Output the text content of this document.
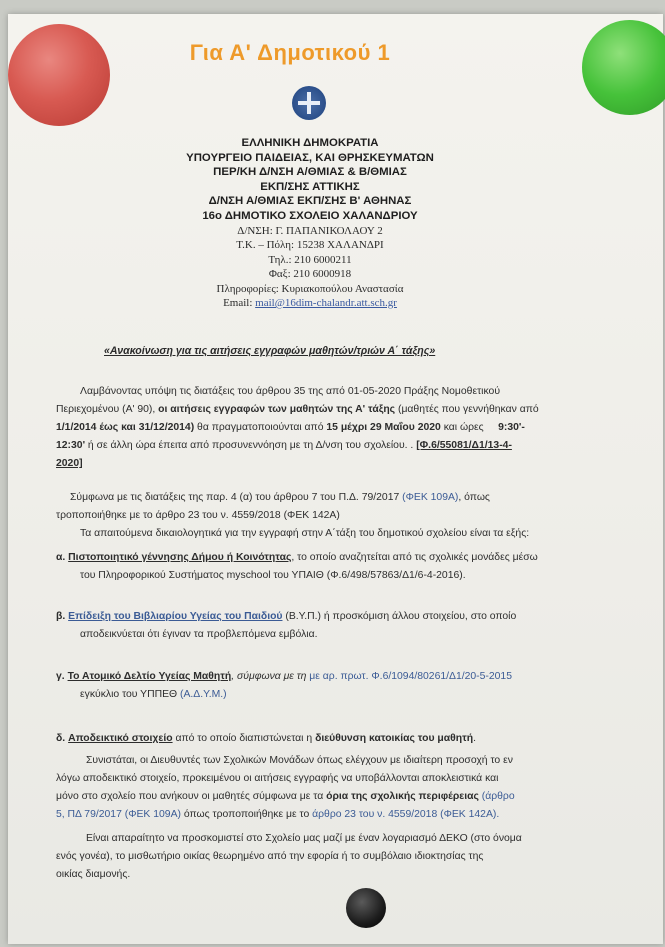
Για Α' Δημοτικού 1
ΕΛΛΗΝΙΚΗ ΔΗΜΟΚΡΑΤΙΑ
ΥΠΟΥΡΓΕΙΟ ΠΑΙΔΕΙΑΣ, ΚΑΙ ΘΡΗΣΚΕΥΜΑΤΩΝ
ΠΕΡ/ΚΗ Δ/ΝΣΗ Α/ΘΜΙΑΣ & Β/ΘΜΙΑΣ
ΕΚΠ/ΣΗΣ ΑΤΤΙΚΗΣ
Δ/ΝΣΗ Α/ΘΜΙΑΣ ΕΚΠ/ΣΗΣ Β' ΑΘΗΝΑΣ
16ο ΔΗΜΟΤΙΚΟ ΣΧΟΛΕΙΟ ΧΑΛΑΝΔΡΙΟΥ
Δ/ΝΣΗ: Γ. ΠΑΠΑΝΙΚΟΛΑΟΥ 2
Τ.Κ. – Πόλη: 15238 ΧΑΛΑΝΔΡΙ
Τηλ.: 210 6000211
Φαξ: 210 6000918
Πληροφορίες: Κυριακοπούλου Αναστασία
Email: mail@16dim-chalandr.att.sch.gr
«Ανακοίνωση για τις αιτήσεις εγγραφών μαθητών/τριών Α΄ τάξης»
Λαμβάνοντας υπόψη τις διατάξεις του άρθρου 35 της από 01-05-2020 Πράξης Νομοθετικού
Περιεχομένου (Α' 90), οι αιτήσεις εγγραφών των μαθητών της Α' τάξης (μαθητές που γεννήθηκαν από
1/1/2014 έως και 31/12/2014) θα πραγματοποιούνται από 15 μέχρι 29 Μαΐου 2020 και ώρες     9:30'-
12:30' ή σε άλλη ώρα έπειτα από προσυνεννόηση με τη Δ/νση του σχολείου. . [Φ.6/55081/Δ1/13-4-
2020]
Σύμφωνα με τις διατάξεις της παρ. 4 (α) του άρθρου 7 του Π.Δ. 79/2017 (ΦΕΚ 109Α), όπως
τροποποιήθηκε με το άρθρο 23 του ν. 4559/2018 (ΦΕΚ 142Α)
Τα απαιτούμενα δικαιολογητικά για την εγγραφή στην Α΄τάξη του δημοτικού σχολείου είναι τα εξής:
α. Πιστοποιητικό γέννησης Δήμου ή Κοινότητας, το οποίο αναζητείται από τις σχολικές μονάδες μέσω
του Πληροφορικού Συστήματος myschool του ΥΠΑΙΘ (Φ.6/498/57863/Δ1/6-4-2016).
β. Επίδειξη του Βιβλιαρίου Υγείας του Παιδιού (Β.Υ.Π.) ή προσκόμιση άλλου στοιχείου, στο οποίο
αποδεικνύεται ότι έγιναν τα προβλεπόμενα εμβόλια.
γ. Το Ατομικό Δελτίο Υγείας Μαθητή, σύμφωνα με τη με αρ. πρωτ. Φ.6/1094/80261/Δ1/20-5-2015
εγκύκλιο του ΥΠΠΕΘ (Α.Δ.Υ.Μ.)
δ. Αποδεικτικό στοιχείο από το οποίο διαπιστώνεται η διεύθυνση κατοικίας του μαθητή.
Συνιστάται, οι Διευθυντές των Σχολικών Μονάδων όπως ελέγχουν με ιδιαίτερη προσοχή το εν
λόγω αποδεικτικό στοιχείο, προκειμένου οι αιτήσεις εγγραφής να υποβάλλονται αποκλειστικά και
μόνο στο σχολείο που ανήκουν οι μαθητές σύμφωνα με τα όρια της σχολικής περιφέρειας (άρθρο
5, ΠΔ 79/2017 (ΦΕΚ 109Α) όπως τροποποιήθηκε με το άρθρο 23 του ν. 4559/2018 (ΦΕΚ 142Α).
Είναι απαραίτητο να προσκομιστεί στο Σχολείο μας μαζί με έναν λογαριασμό ΔΕΚΟ (στο όνομα
ενός γονέα), το μισθωτήριο οικίας θεωρημένο από την εφορία ή το συμβόλαιο ιδιοκτησίας της
οικίας διαμονής.
